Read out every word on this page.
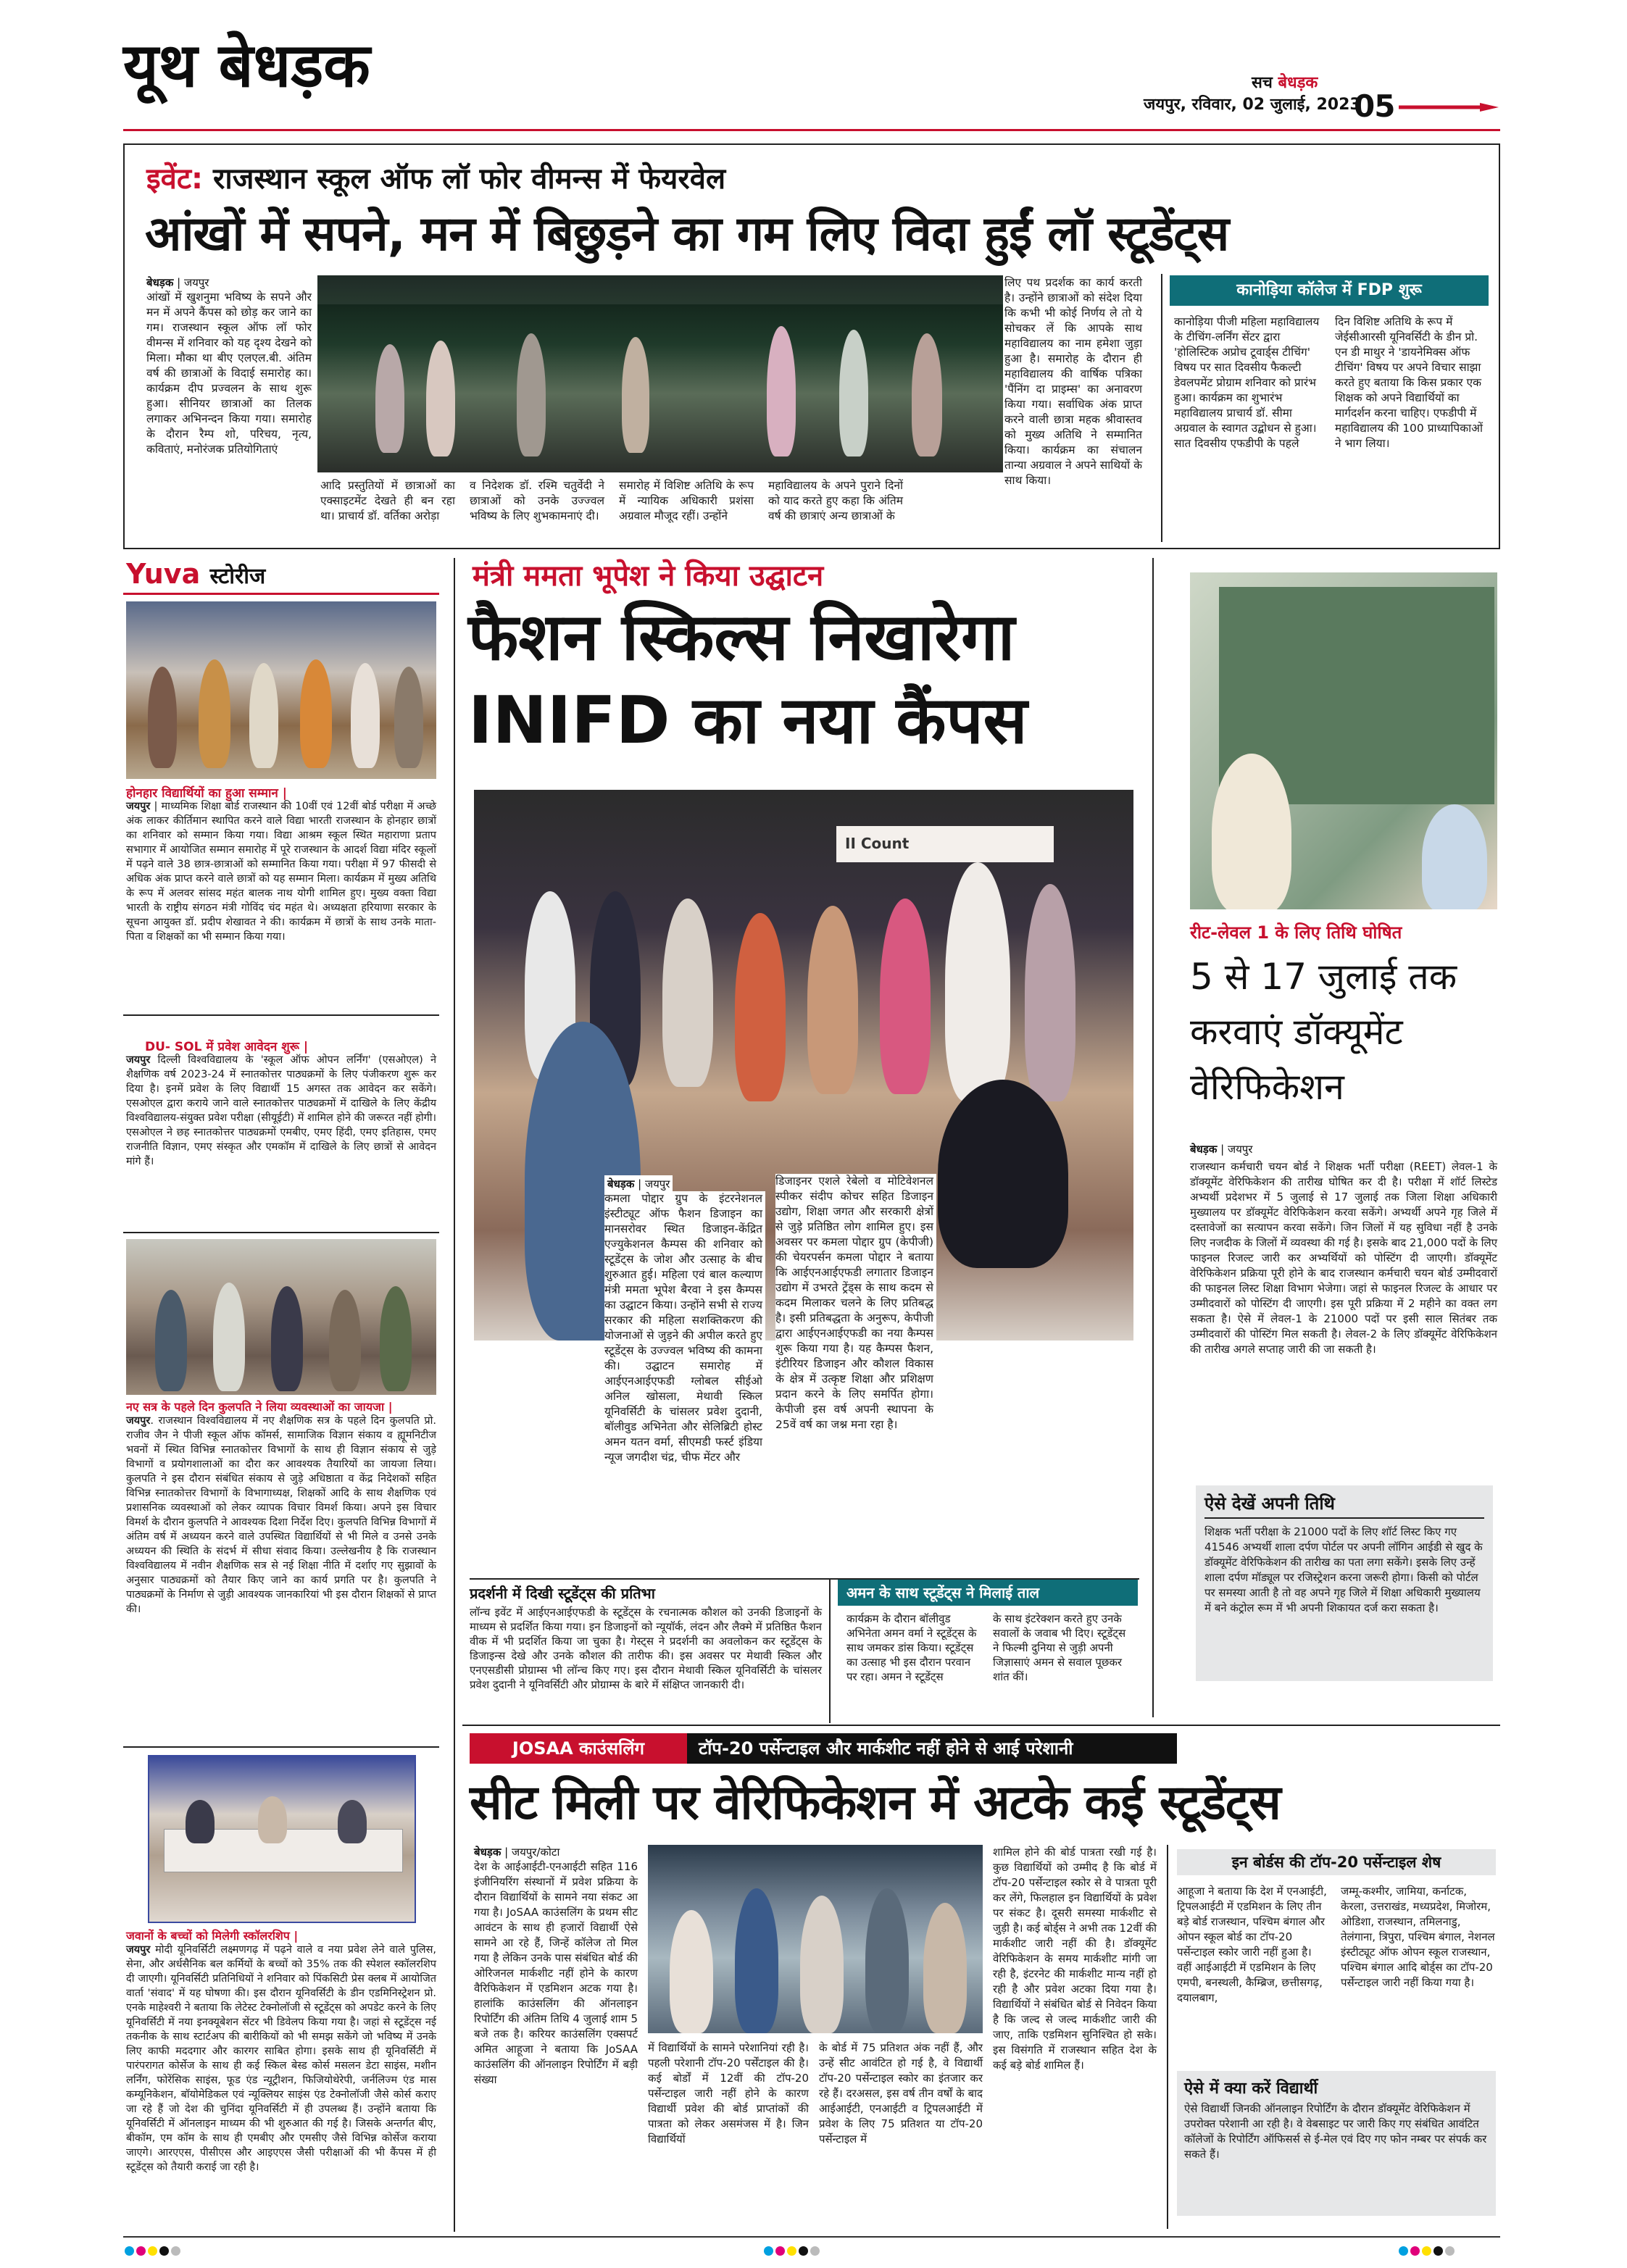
यूथ बेधड़क	सच बेधड़क
जयपुर, रविवार, 02 जुलाई, 2023
05
इवेंट: राजस्थान स्कूल ऑफ लॉ फोर वीमन्स में फेयरवेल
आंखों में सपने, मन में बिछुड़ने का गम लिए विदा हुईं लॉ स्टूडेंट्स
बेधड़क | जयपुर
आंखों में खुशनुमा भविष्य के सपने और मन में अपने कैंपस को छोड़ कर जाने का गम। राजस्थान स्कूल ऑफ लॉ फोर वीमन्स में शनिवार को यह दृश्य देखने को मिला। मौका था बीए एलएल.बी. अंतिम वर्ष की छात्राओं के विदाई समारोह का। कार्यक्रम दीप प्रज्वलन के साथ शुरू हुआ। सीनियर छात्राओं का तिलक लगाकर अभिनन्दन किया गया। समारोह के दौरान रैम्प शो, परिचय, नृत्य, कविताएं, मनोरंजक प्रतियोगिताएं
आदि प्रस्तुतियों में छात्राओं का एक्साइटमेंट देखते ही बन रहा था। प्राचार्य डॉ. वर्तिका अरोड़ा
व निदेशक डॉ. रश्मि चतुर्वेदी ने छात्राओं को उनके उज्ज्वल भविष्य के लिए शुभकामनाएं दी।
समारोह में विशिष्ट अतिथि के रूप में न्यायिक अधिकारी प्रशंसा अग्रवाल मौजूद रहीं। उन्होंने
महाविद्यालय के अपने पुराने दिनों को याद करते हुए कहा कि अंतिम वर्ष की छात्राएं अन्य छात्राओं के
लिए पथ प्रदर्शक का कार्य करती है। उन्होंने छात्राओं को संदेश दिया कि कभी भी कोई निर्णय ले तो ये सोचकर लें कि आपके साथ महाविद्यालय का नाम हमेशा जुड़ा हुआ है। समारोह के दौरान ही महाविद्यालय की वार्षिक पत्रिका 'पैंनिंग दा प्राइम्स' का अनावरण किया गया। सर्वाधिक अंक प्राप्त करने वाली छात्रा महक श्रीवास्तव को मुख्य अतिथि ने सम्मानित किया। कार्यक्रम का संचालन तान्या अग्रवाल ने अपने साथियों के साथ किया।
कानोड़िया कॉलेज में FDP शुरू
कानोड़िया पीजी महिला महाविद्यालय के टीचिंग-लर्निंग सेंटर द्वारा 'होलिस्टिक अप्रोच टूवार्ड्स टीचिंग' विषय पर सात दिवसीय फैकल्टी डेवलपमेंट प्रोग्राम शनिवार को प्रारंभ हुआ। कार्यक्रम का शुभारंभ महाविद्यालय प्राचार्य डॉ. सीमा अग्रवाल के स्वागत उद्बोधन से हुआ। सात दिवसीय एफडीपी के पहले
दिन विशिष्ट अतिथि के रूप में जेईसीआरसी यूनिवर्सिटी के डीन प्रो. एन डी माथुर ने 'डायनेमिक्स ऑफ टीचिंग' विषय पर अपने विचार साझा करते हुए बताया कि किस प्रकार एक शिक्षक को अपने विद्यार्थियों का मार्गदर्शन करना चाहिए। एफडीपी में महाविद्यालय की 100 प्राध्यापिकाओं ने भाग लिया।
Yuva स्टोरीज
होनहार विद्यार्थियों का हुआ सम्मान |
जयपुर | माध्यमिक शिक्षा बोर्ड राजस्थान की 10वीं एवं 12वीं बोर्ड परीक्षा में अच्छे अंक लाकर कीर्तिमान स्थापित करने वाले विद्या भारती राजस्थान के होनहार छात्रों का शनिवार को सम्मान किया गया। विद्या आश्रम स्कूल स्थित महाराणा प्रताप सभागार में आयोजित सम्मान समारोह में पूरे राजस्थान के आदर्श विद्या मंदिर स्कूलों में पढ़ने वाले 38 छात्र-छात्राओं को सम्मानित किया गया। परीक्षा में 97 फीसदी से अधिक अंक प्राप्त करने वाले छात्रों को यह सम्मान मिला। कार्यक्रम में मुख्य अतिथि के रूप में अलवर सांसद महंत बालक नाथ योगी शामिल हुए। मुख्य वक्ता विद्या भारती के राष्ट्रीय संगठन मंत्री गोविंद चंद महंत थे। अध्यक्षता हरियाणा सरकार के सूचना आयुक्त डॉ. प्रदीप शेखावत ने की। कार्यक्रम में छात्रों के साथ उनके माता-पिता व शिक्षकों का भी सम्मान किया गया।
DU- SOL में प्रवेश आवेदन शुरू |
जयपुर दिल्ली विश्वविद्यालय के 'स्कूल ऑफ ओपन लर्निंग' (एसओएल) ने शैक्षणिक वर्ष 2023-24 में स्नातकोत्तर पाठ्यक्रमों के लिए पंजीकरण शुरू कर दिया है। इनमें प्रवेश के लिए विद्यार्थी 15 अगस्त तक आवेदन कर सकेंगे। एसओएल द्वारा कराये जाने वाले स्नातकोत्तर पाठ्यक्रमों में दाखिले के लिए केंद्रीय विश्वविद्यालय-संयुक्त प्रवेश परीक्षा (सीयूईटी) में शामिल होने की जरूरत नहीं होगी। एसओएल ने छह स्नातकोत्तर पाठ्यक्रमों एमबीए, एमए हिंदी, एमए इतिहास, एमए राजनीति विज्ञान, एमए संस्कृत और एमकॉम में दाखिले के लिए छात्रों से आवेदन मांगे हैं।
नए सत्र के पहले दिन कुलपति ने लिया व्यवस्थाओं का जायजा |
जयपुर. राजस्थान विश्वविद्यालय में नए शैक्षणिक सत्र के पहले दिन कुलपति प्रो. राजीव जैन ने पीजी स्कूल ऑफ कॉमर्स, सामाजिक विज्ञान संकाय व ह्यूमनिटीज भवनों में स्थित विभिन्न स्नातकोत्तर विभागों के साथ ही विज्ञान संकाय से जुड़े विभागों व प्रयोगशालाओं का दौरा कर आवश्यक तैयारियों का जायजा लिया। कुलपति ने इस दौरान संबंधित संकाय से जुड़े अधिष्ठाता व केंद्र निदेशकों सहित विभिन्न स्नातकोत्तर विभागों के विभागाध्यक्ष, शिक्षकों आदि के साथ शैक्षणिक एवं प्रशासनिक व्यवस्थाओं को लेकर व्यापक विचार विमर्श किया। अपने इस विचार विमर्श के दौरान कुलपति ने आवश्यक दिशा निर्देश दिए। कुलपति विभिन्न विभागों में अंतिम वर्ष में अध्ययन करने वाले उपस्थित विद्यार्थियों से भी मिले व उनसे उनके अध्ययन की स्थिति के संदर्भ में सीधा संवाद किया। उल्लेखनीय है कि राजस्थान विश्वविद्यालय में नवीन शैक्षणिक सत्र से नई शिक्षा नीति में दर्शाए गए सुझावों के अनुसार पाठ्यक्रमों को तैयार किए जाने का कार्य प्रगति पर है। कुलपति ने पाठ्यक्रमों के निर्माण से जुड़ी आवश्यक जानकारियां भी इस दौरान शिक्षकों से प्राप्त की।
जवानों के बच्चों को मिलेगी स्कॉलरशिप |
जयपुर मोदी यूनिवर्सिटी लक्ष्मणगढ़ में पढ़ने वाले व नया प्रवेश लेने वाले पुलिस, सेना, और अर्धसैनिक बल कर्मियों के बच्चों को 35% तक की स्पेशल स्कॉलरशिप दी जाएगी। यूनिवर्सिटी प्रतिनिधियों ने शनिवार को पिंकसिटी प्रेस क्लब में आयोजित वार्ता 'संवाद' में यह घोषणा की। इस दौरान यूनिवर्सिटी के डीन एडमिनिस्ट्रेशन प्रो. एनके माहेश्वरी ने बताया कि लेटेस्ट टेक्नोलॉजी से स्टूडेंट्स को अपडेट करने के लिए यूनिवर्सिटी में नया इनक्यूबेशन सेंटर भी डिवेलप किया गया है। जहां से स्टूडेंट्स नई तकनीक के साथ स्टार्टअप की बारीकियों को भी समझ सकेंगे जो भविष्य में उनके लिए काफी मददगार और कारगर साबित होगा। इसके साथ ही यूनिवर्सिटी में पारंपरागत कोर्सेज के साथ ही कई स्किल बेस्ड कोर्स मसलन डेटा साइंस, मशीन लर्निंग, फोरेंसिक साइंस, फूड एंड न्यूट्रीशन, फिजियोथेरेपी, जर्नलिज्म एंड मास कम्यूनिकेशन, बॉयोमेडिकल एवं न्यूक्लियर साइंस एंड टेक्नोलॉजी जैसे कोर्स कराए जा रहे हैं जो देश की चुनिंदा यूनिवर्सिटी में ही उपलब्ध हैं। उन्होंने बताया कि यूनिवर्सिटी में ऑनलाइन माध्यम की भी शुरुआत की गई है। जिसके अन्तर्गत बीए, बीकॉम, एम कॉम के साथ ही एमबीए और एमसीए जैसे विभिन्न कोर्सेज कराया जाएगे। आरएएस, पीसीएस और आइएएस जैसी परीक्षाओं की भी कैंपस में ही स्टूडेंट्स को तैयारी कराई जा रही है।
मंत्री ममता भूपेश ने किया उद्घाटन
फैशन स्किल्स निखारेगा
INIFD का नया कैंपस
II Count
बेधड़क | जयपुर
कमला पोद्दार ग्रुप के इंटरनेशनल इंस्टीट्यूट ऑफ फैशन डिजाइन का मानसरोवर स्थित डिजाइन-केंद्रित एज्युकेशनल कैम्पस की शनिवार को स्टूडेंट्स के जोश और उत्साह के बीच शुरुआत हुई। महिला एवं बाल कल्याण मंत्री ममता भूपेश बैरवा ने इस कैम्पस का उद्घाटन किया। उन्होंने सभी से राज्य सरकार की महिला सशक्तिकरण की योजनाओं से जुड़ने की अपील करते हुए स्टूडेंट्स के उज्ज्वल भविष्य की कामना की। उद्घाटन समारोह में आईएनआईएफडी ग्लोबल सीईओ अनिल खोसला, मेथावी स्किल यूनिवर्सिटी के चांसलर प्रवेश दुदानी, बॉलीवुड अभिनेता और सेलिब्रिटी होस्ट अमन यतन वर्मा, सीएमडी फर्स्ट इंडिया न्यूज जगदीश चंद्र, चीफ मेंटर और
डिजाइनर एशले रेबेलो व मोटिवेशनल स्पीकर संदीप कोचर सहित डिजाइन उद्योग, शिक्षा जगत और सरकारी क्षेत्रों से जुड़े प्रतिष्ठित लोग शामिल हुए। इस अवसर पर कमला पोद्दार ग्रुप (केपीजी) की चेयरपर्सन कमला पोद्दार ने बताया कि आईएनआईएफडी लगातार डिजाइन उद्योग में उभरते ट्रेंड्स के साथ कदम से कदम मिलाकर चलने के लिए प्रतिबद्ध है। इसी प्रतिबद्धता के अनुरूप, केपीजी द्वारा आईएनआईएफडी का नया कैम्पस शुरू किया गया है। यह कैम्पस फैशन, इंटीरियर डिजाइन और कौशल विकास के क्षेत्र में उत्कृष्ट शिक्षा और प्रशिक्षण प्रदान करने के लिए समर्पित होगा। केपीजी इस वर्ष अपनी स्थापना के 25वें वर्ष का जश्न मना रहा है।
प्रदर्शनी में दिखी स्टूडेंट्स की प्रतिभा
लॉन्च इवेंट में आईएनआईएफडी के स्टूडेंट्स के रचनात्मक कौशल को उनकी डिजाइनों के माध्यम से प्रदर्शित किया गया। इन डिजाइनों को न्यूयॉर्क, लंदन और लैक्मे में प्रतिष्ठित फैशन वीक में भी प्रदर्शित किया जा चुका है। गेस्ट्स ने प्रदर्शनी का अवलोकन कर स्टूडेंट्स के डिजाइन्स देखे और उनके कौशल की तारीफ की। इस अवसर पर मेथावी स्किल और एनएसडीसी प्रोग्राम्स भी लॉन्च किए गए। इस दौरान मेथावी स्किल यूनिवर्सिटी के चांसलर प्रवेश दुदानी ने यूनिवर्सिटी और प्रोग्राम्स के बारे में संक्षिप्त जानकारी दी।
अमन के साथ स्टूडेंट्स ने मिलाई ताल
कार्यक्रम के दौरान बॉलीवुड अभिनेता अमन वर्मा ने स्टूडेंट्स के साथ जमकर डांस किया। स्टूडेंट्स का उत्साह भी इस दौरान परवान पर रहा। अमन ने स्टूडेंट्स
के साथ इंटरेक्शन करते हुए उनके सवालों के जवाब भी दिए। स्टूडेंट्स ने फिल्मी दुनिया से जुड़ी अपनी जिज्ञासाएं अमन से सवाल पूछकर शांत कीं।
रीट-लेवल 1 के लिए तिथि घोषित
5 से 17 जुलाई तक करवाएं डॉक्यूमेंट वेरिफिकेशन
बेधड़क | जयपुर
राजस्थान कर्मचारी चयन बोर्ड ने शिक्षक भर्ती परीक्षा (REET) लेवल-1 के डॉक्यूमेंट वेरिफिकेशन की तारीख घोषित कर दी है। परीक्षा में शॉर्ट लिस्टेड अभ्यर्थी प्रदेशभर में 5 जुलाई से 17 जुलाई तक जिला शिक्षा अधिकारी मुख्यालय पर डॉक्यूमेंट वेरिफिकेशन करवा सकेंगे। अभ्यर्थी अपने गृह जिले में दस्तावेजों का सत्यापन करवा सकेंगे। जिन जिलों में यह सुविधा नहीं है उनके लिए नजदीक के जिलों में व्यवस्था की गई है। इसके बाद 21,000 पदों के लिए फाइनल रिजल्ट जारी कर अभ्यर्थियों को पोस्टिंग दी जाएगी। डॉक्यूमेंट वेरिफिकेशन प्रक्रिया पूरी होने के बाद राजस्थान कर्मचारी चयन बोर्ड उम्मीदवारों की फाइनल लिस्ट शिक्षा विभाग भेजेगा। जहां से फाइनल रिजल्ट के आधार पर उम्मीदवारों को पोस्टिंग दी जाएगी। इस पूरी प्रक्रिया में 2 महीने का वक्त लग सकता है। ऐसे में लेवल-1 के 21000 पदों पर इसी साल सितंबर तक उम्मीदवारों की पोस्टिंग मिल सकती है। लेवल-2 के लिए डॉक्यूमेंट वेरिफिकेशन की तारीख अगले सप्ताह जारी की जा सकती है।
ऐसे देखें अपनी तिथि
शिक्षक भर्ती परीक्षा के 21000 पदों के लिए शॉर्ट लिस्ट किए गए 41546 अभ्यर्थी शाला दर्पण पोर्टल पर अपनी लॉगिन आईडी से खुद के डॉक्यूमेंट वेरिफिकेशन की तारीख का पता लगा सकेंगे। इसके लिए उन्हें शाला दर्पण मॉड्यूल पर रजिस्ट्रेशन करना जरूरी होगा। किसी को पोर्टल पर समस्या आती है तो वह अपने गृह जिले में शिक्षा अधिकारी मुख्यालय में बने कंट्रोल रूम में भी अपनी शिकायत दर्ज करा सकता है।
JOSAA काउंसलिंग	टॉप-20 पर्सेन्टाइल और मार्कशीट नहीं होने से आई परेशानी
सीट मिली पर वेरिफिकेशन में अटके कई स्टूडेंट्स
बेधड़क | जयपुर/कोटा
देश के आईआईटी-एनआईटी सहित 116 इंजीनियरिंग संस्थानों में प्रवेश प्रक्रिया के दौरान विद्यार्थियों के सामने नया संकट आ गया है। JoSAA काउंसलिंग के प्रथम सीट आवंटन के साथ ही हजारों विद्यार्थी ऐसे सामने आ रहे हैं, जिन्हें कॉलेज तो मिल गया है लेकिन उनके पास संबंधित बोर्ड की ओरिजनल मार्कशीट नहीं होने के कारण वैरिफिकेशन में एडमिशन अटक गया है। हालांकि काउंसलिंग की ऑनलाइन रिपोर्टिंग की अंतिम तिथि 4 जुलाई शाम 5 बजे तक है। करियर काउंसलिंग एक्सपर्ट अमित आहूजा ने बताया कि JoSAA काउंसलिंग की ऑनलाइन रिपोर्टिंग में बड़ी संख्या
में विद्यार्थियों के सामने परेशानियां रही है। पहली परेशानी टॉप-20 पर्सेंटाइल की है। कई बोर्डों में 12वीं की टॉप-20 पर्सेन्टाइल जारी नहीं होने के कारण विद्यार्थी प्रवेश की बोर्ड प्राप्तांकों की पात्रता को लेकर असमंजस में है। जिन विद्यार्थियों
के बोर्ड में 75 प्रतिशत अंक नहीं हैं, और उन्हें सीट आवंटित हो गई है, वे विद्यार्थी टॉप-20 पर्सेन्टाइल स्कोर का इंतजार कर रहे हैं। दरअसल, इस वर्ष तीन वर्षों के बाद आईआईटी, एनआईटी व ट्रिपलआईटी में प्रवेश के लिए 75 प्रतिशत या टॉप-20 पर्सेन्टाइल में
शामिल होने की बोर्ड पात्रता रखी गई है। कुछ विद्यार्थियों को उम्मीद है कि बोर्ड में टॉप-20 पर्सेन्टाइल स्कोर से वे पात्रता पूरी कर लेंगे, फिलहाल इन विद्यार्थियों के प्रवेश पर संकट है। दूसरी समस्या मार्कशीट से जुड़ी है। कई बोर्ड्स ने अभी तक 12वीं की मार्कशीट जारी नहीं की है। डॉक्यूमेंट वेरिफिकेशन के समय मार्कशीट मांगी जा रही है, इंटरनेट की मार्कशीट मान्य नहीं हो रही है और प्रवेश अटका दिया गया है। विद्यार्थियों ने संबंधित बोर्ड से निवेदन किया है कि जल्द से जल्द मार्कशीट जारी की जाए, ताकि एडमिशन सुनिश्चित हो सके। इस विसंगति में राजस्थान सहित देश के कई बड़े बोर्ड शामिल हैं।
इन बोर्डस की टॉप-20 पर्सेन्टाइल शेष
आहूजा ने बताया कि देश में एनआईटी, ट्रिपलआईटी में एडमिशन के लिए तीन बड़े बोर्ड राजस्थान, पश्चिम बंगाल और ओपन स्कूल बोर्ड का टॉप-20 पर्सेन्टाइल स्कोर जारी नहीं हुआ है। वहीं आईआईटी में एडमिशन के लिए एमपी, बनस्थली, कैम्ब्रिज, छत्तीसगढ़, दयालबाग,
जम्मू-कश्मीर, जामिया, कर्नाटक, केरला, उत्तराखंड, मध्यप्रदेश, मिजोरम, ओडिशा, राजस्थान, तमिलनाडु, तेलंगाना, त्रिपुरा, पश्चिम बंगाल, नेशनल इंस्टीट्यूट ऑफ ओपन स्कूल राजस्थान, पश्चिम बंगाल आदि बोर्ड्स का टॉप-20 पर्सेन्टाइल जारी नहीं किया गया है।
ऐसे में क्या करें विद्यार्थी
ऐसे विद्यार्थी जिनकी ऑनलाइन रिपोर्टिंग के दौरान डॉक्यूमेंट वेरिफिकेशन में उपरोक्त परेशानी आ रही है। वे वेबसाइट पर जारी किए गए संबंधित आवंटित कॉलेजों के रिपोर्टिंग ऑफिसर्स से ई-मेल एवं दिए गए फोन नम्बर पर संपर्क कर सकते हैं।
